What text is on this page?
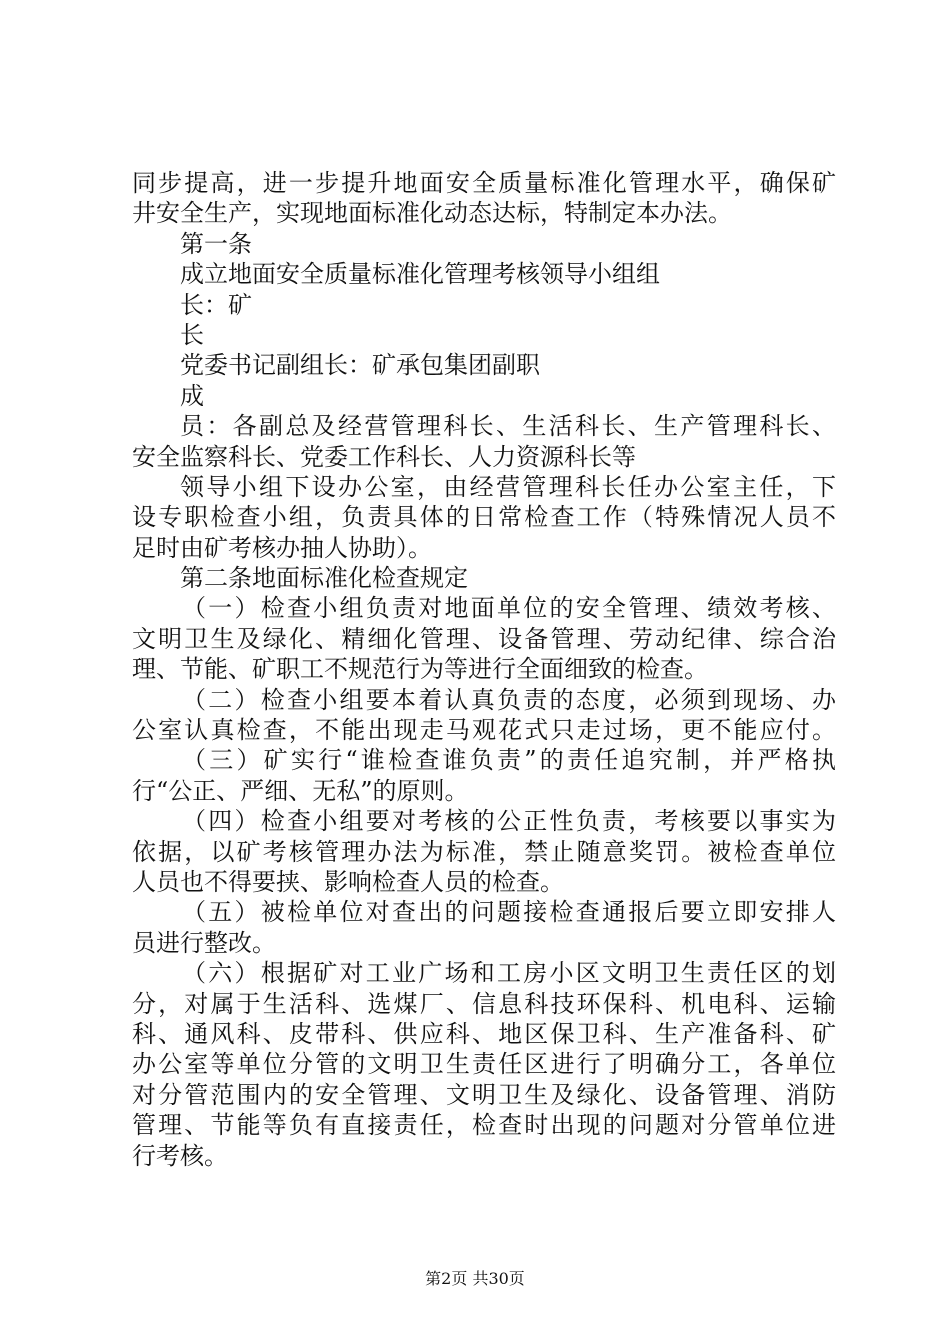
同步提高，进一步提升地面安全质量标准化管理水平，确保矿
井安全生产，实现地面标准化动态达标，特制定本办法。
第一条
成立地面安全质量标准化管理考核领导小组组
长：矿
长
党委书记副组长：矿承包集团副职
成
员：各副总及经营管理科长、生活科长、生产管理科长、
安全监察科长、党委工作科长、人力资源科长等
领导小组下设办公室，由经营管理科长任办公室主任，下
设专职检查小组，负责具体的日常检查工作（特殊情况人员不
足时由矿考核办抽人协助）。
第二条地面标准化检查规定
（一）检查小组负责对地面单位的安全管理、绩效考核、
文明卫生及绿化、精细化管理、设备管理、劳动纪律、综合治
理、节能、矿职工不规范行为等进行全面细致的检查。
（二）检查小组要本着认真负责的态度，必须到现场、办
公室认真检查，不能出现走马观花式只走过场，更不能应付。
（三）矿实行“谁检查谁负责”的责任追究制，并严格执
行“公正、严细、无私”的原则。
（四）检查小组要对考核的公正性负责，考核要以事实为
依据，以矿考核管理办法为标准，禁止随意奖罚。被检查单位
人员也不得要挟、影响检查人员的检查。
（五）被检单位对查出的问题接检查通报后要立即安排人
员进行整改。
（六）根据矿对工业广场和工房小区文明卫生责任区的划
分，对属于生活科、选煤厂、信息科技环保科、机电科、运输
科、通风科、皮带科、供应科、地区保卫科、生产准备科、矿
办公室等单位分管的文明卫生责任区进行了明确分工，各单位
对分管范围内的安全管理、文明卫生及绿化、设备管理、消防
管理、节能等负有直接责任，检查时出现的问题对分管单位进
行考核。
第2页 共30页
